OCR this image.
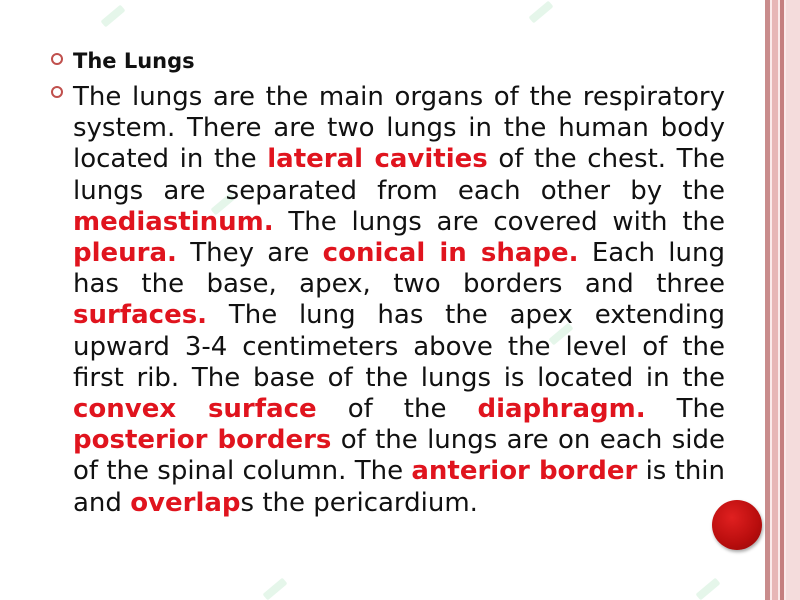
The Lungs

The lungs are the main organs of the respiratory system. There are two lungs in the human body located in the lateral cavities of the chest. The lungs are separated from each other by the mediastinum. The lungs are covered with the pleura. They are conical in shape. Each lung has the base, apex, two borders and three surfaces. The lung has the apex extending upward 3-4 centimeters above the level of the first rib. The base of the lungs is located in the convex surface of the diaphragm. The posterior borders of the lungs are on each side of the spinal column. The anterior border is thin and overlaps the pericardium.
